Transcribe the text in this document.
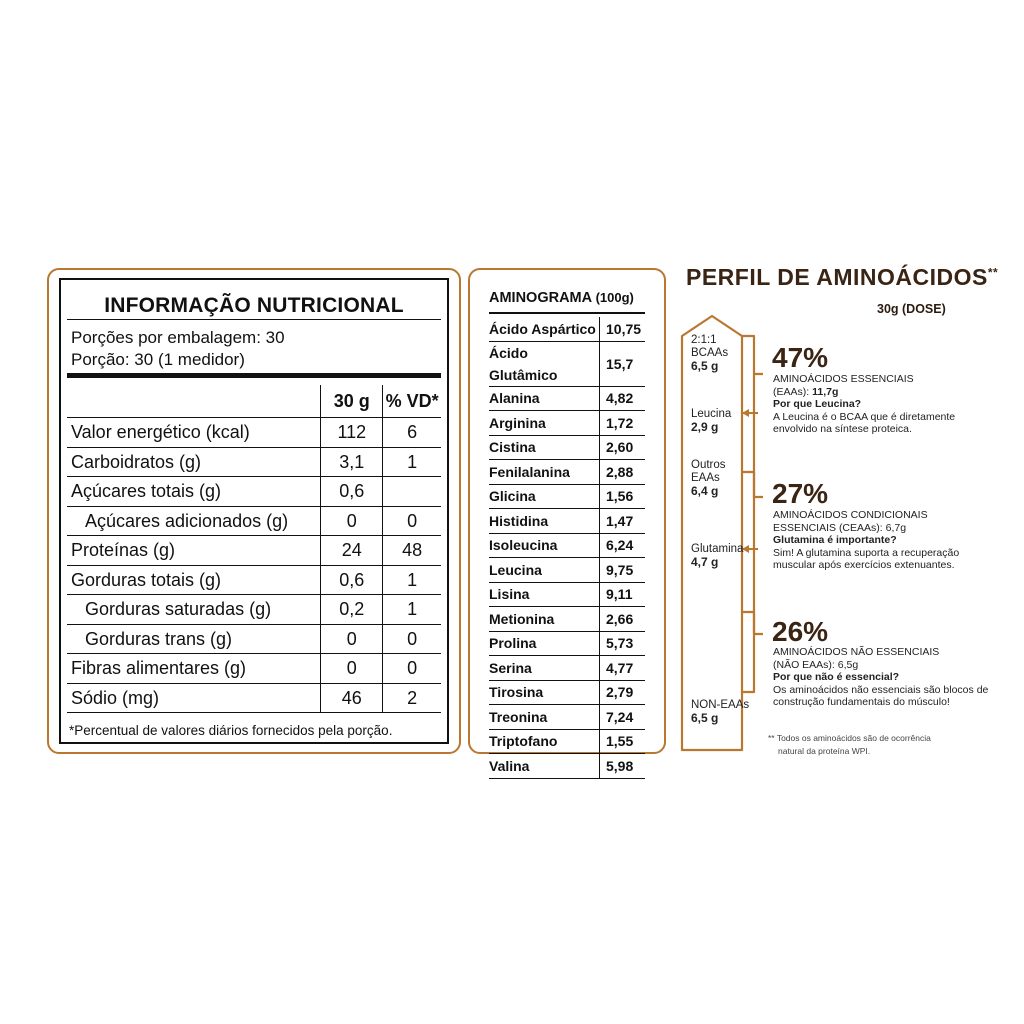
INFORMAÇÃO NUTRICIONAL
Porções por embalagem: 30
Porção: 30 (1 medidor)
	30 g	% VD*
Valor energético (kcal)	112	6
Carboidratos (g)	3,1	1
Açúcares totais (g)	0,6	
Açúcares adicionados (g)	0	0
Proteínas (g)	24	48
Gorduras totais (g)	0,6	1
Gorduras saturadas (g)	0,2	1
Gorduras trans (g)	0	0
Fibras alimentares (g)	0	0
Sódio (mg)	46	2
*Percentual de valores diários fornecidos pela porção.
AMINOGRAMA (100g)
Ácido Aspártico	10,75
Ácido Glutâmico	15,7
Alanina	4,82
Arginina	1,72
Cistina	2,60
Fenilalanina	2,88
Glicina	1,56
Histidina	1,47
Isoleucina	6,24
Leucina	9,75
Lisina	9,11
Metionina	2,66
Prolina	5,73
Serina	4,77
Tirosina	2,79
Treonina	7,24
Triptofano	1,55
Valina	5,98
PERFIL DE AMINOÁCIDOS**
30g (DOSE)
2:1:1
BCAAs
6,5 g
Leucina
2,9 g
Outros
EAAs
6,4 g
Glutamina
4,7 g
NON-EAAs
6,5 g
47%
AMINOÁCIDOS ESSENCIAIS
(EAAs): 11,7g
Por que Leucina?
A Leucina é o BCAA que é diretamente envolvido na síntese proteica.
27%
AMINOÁCIDOS CONDICIONAIS
ESSENCIAIS (CEAAs): 6,7g
Glutamina é importante?
Sim! A glutamina suporta a recuperação muscular após exercícios extenuantes.
26%
AMINOÁCIDOS NÃO ESSENCIAIS
(NÃO EAAs): 6,5g
Por que não é essencial?
Os aminoácidos não essenciais são blocos de construção fundamentais do músculo!
** Todos os aminoácidos são de ocorrência
natural da proteína WPI.
